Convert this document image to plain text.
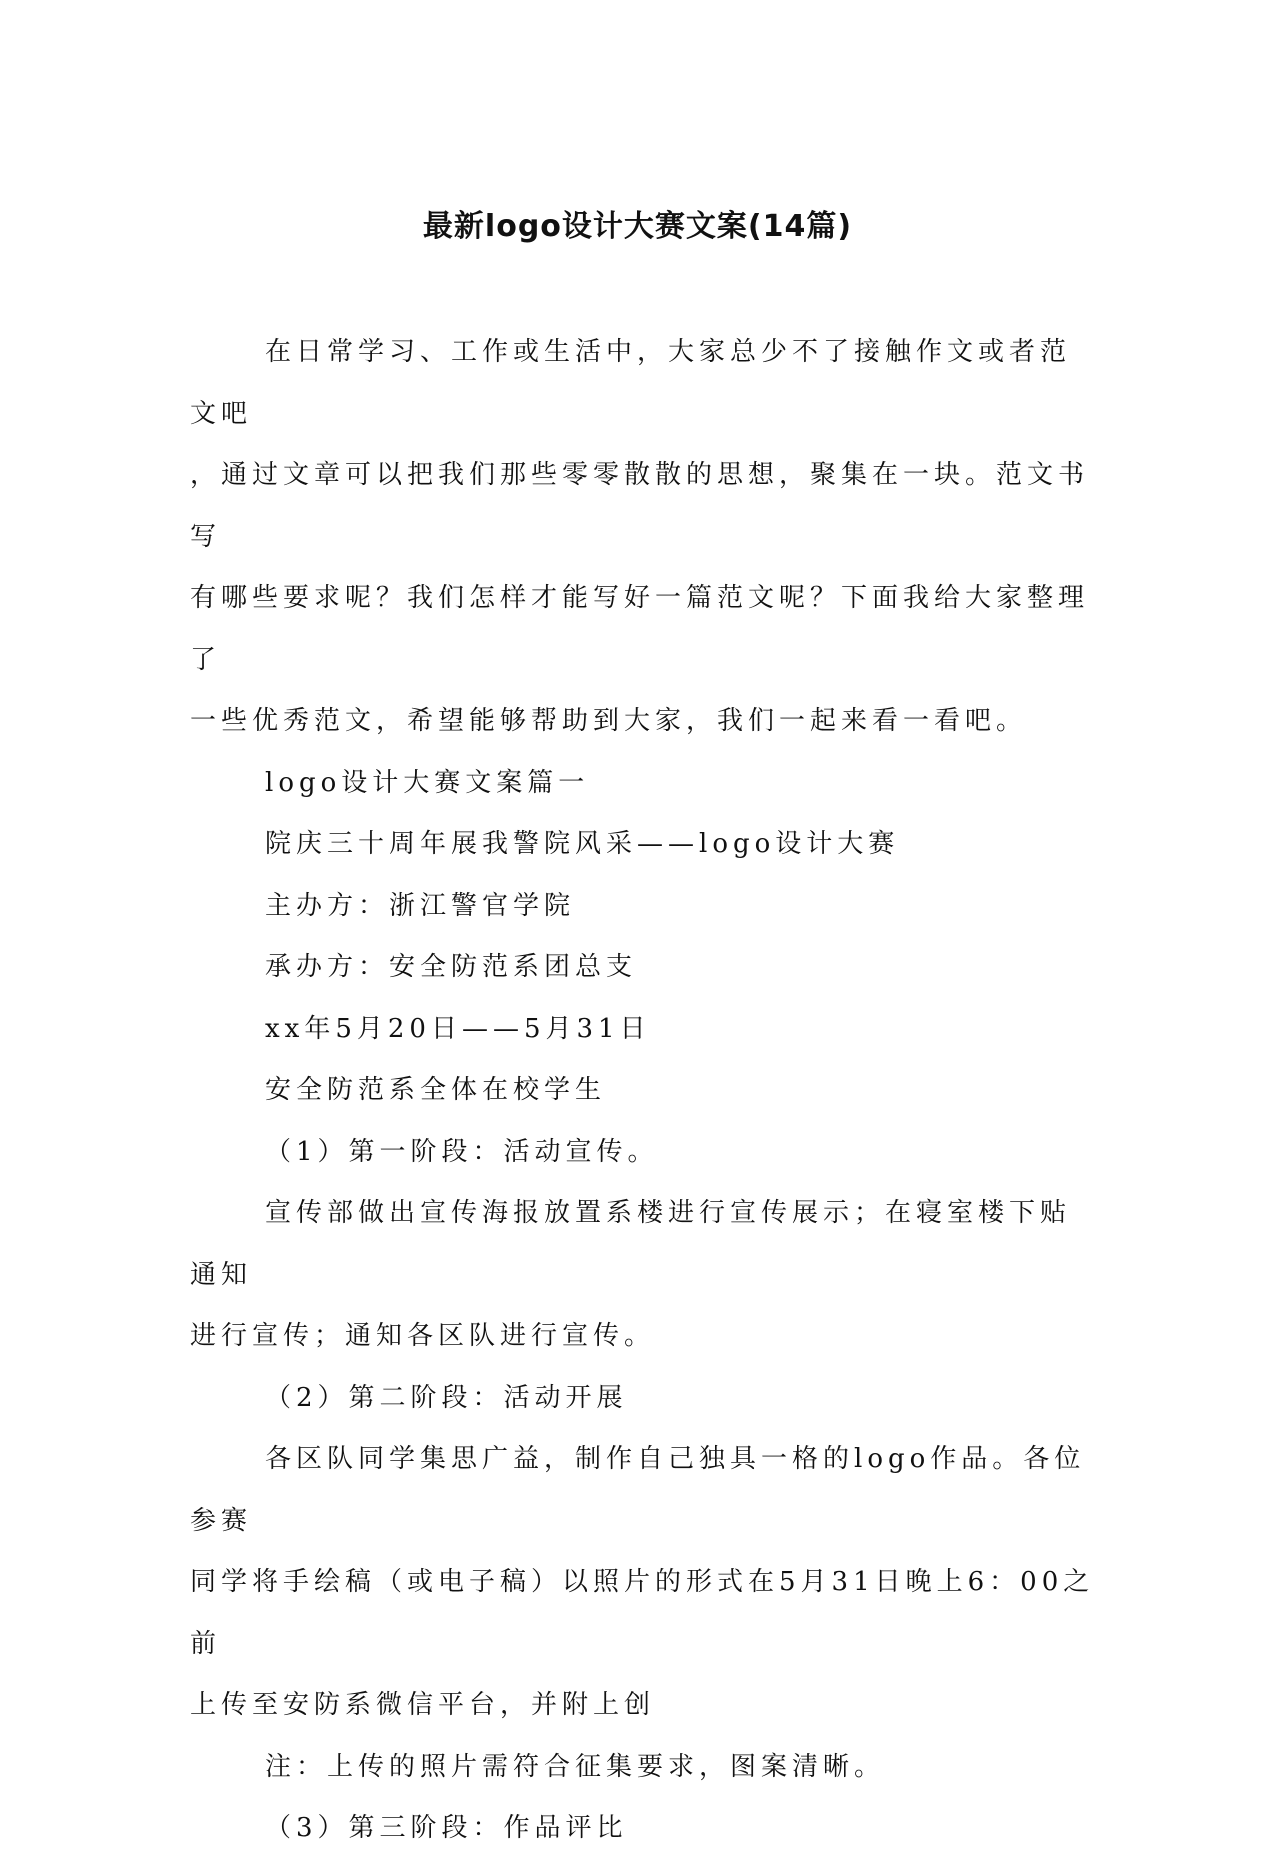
最新logo设计大赛文案(14篇)

在日常学习、工作或生活中，大家总少不了接触作文或者范文吧

，通过文章可以把我们那些零零散散的思想，聚集在一块。范文书写
有哪些要求呢？我们怎样才能写好一篇范文呢？下面我给大家整理了
一些优秀范文，希望能够帮助到大家，我们一起来看一看吧。

logo设计大赛文案篇一

院庆三十周年展我警院风采——logo设计大赛

主办方：浙江警官学院

承办方：安全防范系团总支

xx年5月20日——5月31日

安全防范系全体在校学生

（1）第一阶段：活动宣传。

宣传部做出宣传海报放置系楼进行宣传展示；在寝室楼下贴通知

进行宣传；通知各区队进行宣传。

（2）第二阶段：活动开展

各区队同学集思广益，制作自己独具一格的logo作品。各位参赛

同学将手绘稿（或电子稿）以照片的形式在5月31日晚上6：00之前
上传至安防系微信平台，并附上创

注：上传的照片需符合征集要求，图案清晰。

（3）第三阶段：作品评比
